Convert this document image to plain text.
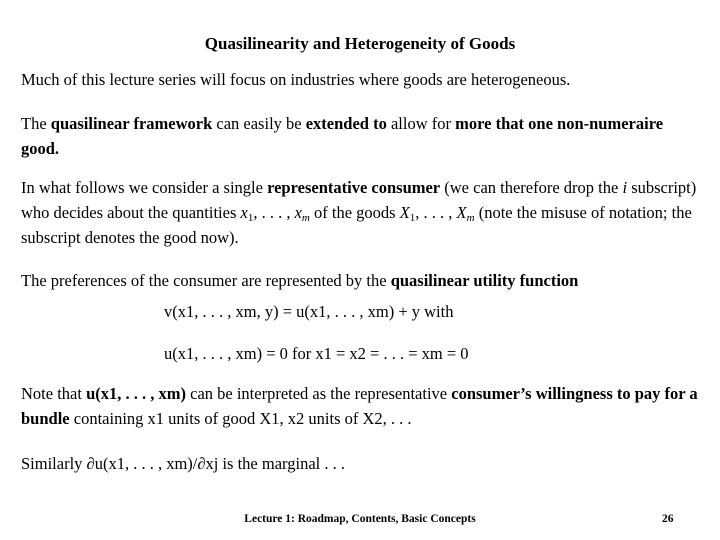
Quasilinearity and Heterogeneity of Goods
Much of this lecture series will focus on industries where goods are heterogeneous.
The quasilinear framework can easily be extended to allow for more that one non-numeraire good.
In what follows we consider a single representative consumer (we can therefore drop the i subscript) who decides about the quantities $x_1$, . . . , $x_m$ of the goods $X_1$, . . . , $X_m$ (note the misuse of notation; the subscript denotes the good now).
The preferences of the consumer are represented by the quasilinear utility function
v(x1, . . . , xm, y) = u(x1, . . . , xm) + y with
u(x1, . . . , xm) = 0 for x1 = x2 = . . . = xm = 0
Note that u(x1, . . . , xm) can be interpreted as the representative consumer’s willingness to pay for a bundle containing x1 units of good X1, x2 units of X2, . . .
Similarly ∂u(x1, . . . , xm)/∂xj is the marginal . . .
Lecture 1: Roadmap, Contents, Basic Concepts	26
